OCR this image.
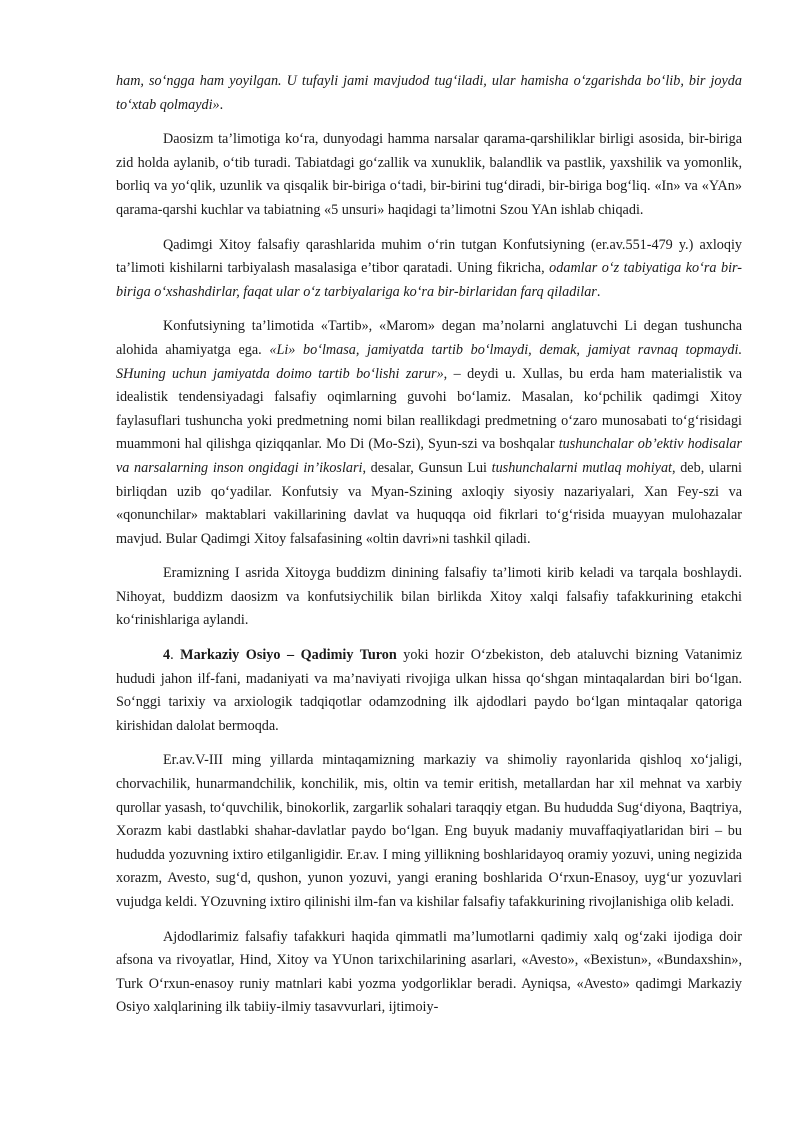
ham, so‘ngga ham yoyilgan. U tufayli jami mavjudod tug‘iladi, ular hamisha o‘zgarishda bo‘lib, bir joyda to‘xtab qolmaydi».

Daosizm ta’limotiga ko‘ra, dunyodagi hamma narsalar qarama-qarshiliklar birligi asosida, bir-biriga zid holda aylanib, o‘tib turadi. Tabiatdagi go‘zallik va xunuklik, balandlik va pastlik, yaxshilik va yomonlik, borliq va yo‘qlik, uzunlik va qisqalik bir-biriga o‘tadi, bir-birini tug‘diradi, bir-biriga bog‘liq. «In» va «YAn» qarama-qarshi kuchlar va tabiatning «5 unsuri» haqidagi ta’limotni Szou YAn ishlab chiqadi.

Qadimgi Xitoy falsafiy qarashlarida muhim o‘rin tutgan Konfutsiyning (er.av.551-479 y.) axloqiy ta’limoti kishilarni tarbiyalash masalasiga e’tibor qaratadi. Uning fikricha, odamlar o‘z tabiyatiga ko‘ra bir-biriga o‘xshashdirlar, faqat ular o‘z tarbiyalariga ko‘ra bir-birlaridan farq qiladilar.

Konfutsiyning ta’limotida «Tartib», «Marom» degan ma’nolarni anglatuvchi Li degan tushuncha alohida ahamiyatga ega. «Li» bo‘lmasa, jamiyatda tartib bo‘lmaydi, demak, jamiyat ravnaq topmaydi. SHuning uchun jamiyatda doimo tartib bo‘lishi zarur», – deydi u. Xullas, bu erda ham materialistik va idealistik tendensiyadagi falsafiy oqimlarning guvohi bo‘lamiz. Masalan, ko‘pchilik qadimgi Xitoy faylasuflari tushuncha yoki predmetning nomi bilan reallikdagi predmetning o‘zaro munosabati to‘g‘risidagi muammoni hal qilishga qiziqqanlar. Mo Di (Mo-Szi), Syun-szi va boshqalar tushunchalar ob’ektiv hodisalar va narsalarning inson ongidagi in’ikoslari, desalar, Gunsun Lui tushunchalarni mutlaq mohiyat, deb, ularni birliqdan uzib qo‘yadilar. Konfutsiy va Myan-Szining axloqiy siyosiy nazariyalari, Xan Fey-szi va «qonunchilar» maktablari vakillarining davlat va huquqqa oid fikrlari to‘g‘risida muayyan mulohazalar mavjud. Bular Qadimgi Xitoy falsafasining «oltin davri»ni tashkil qiladi.

Eramizning I asrida Xitoyga buddizm dinining falsafiy ta’limoti kirib keladi va tarqala boshlaydi. Nihoyat, buddizm daosizm va konfutsiychilik bilan birlikda Xitoy xalqi falsafiy tafakkurining etakchi ko‘rinishlariga aylandi.

4. Markaziy Osiyo – Qadimiy Turon yoki hozir O‘zbekiston, deb ataluvchi bizning Vatanimiz hududi jahon ilf-fani, madaniyati va ma’naviyati rivojiga ulkan hissa qo‘shgan mintaqalardan biri bo‘lgan. So‘nggi tarixiy va arxiologik tadqiqotlar odamzodning ilk ajdodlari paydo bo‘lgan mintaqalar qatoriga kirishidan dalolat bermoqda.

Er.av.V-III ming yillarda mintaqamizning markaziy va shimoliy rayonlarida qishloq xo‘jaligi, chorvachilik, hunarmandchilik, konchilik, mis, oltin va temir eritish, metallardan har xil mehnat va xarbiy qurollar yasash, to‘quvchilik, binokorlik, zargarlik sohalari taraqqiy etgan. Bu hududda Sug‘diyona, Baqtriya, Xorazm kabi dastlabki shahar-davlatlar paydo bo‘lgan. Eng buyuk madaniy muvaffaqiyatlaridan biri – bu hududda yozuvning ixtiro etilganligidir. Er.av. I ming yillikning boshlaridayoq oramiy yozuvi, uning negizida xorazm, Avesto, sug‘d, qushon, yunon yozuvi, yangi eraning boshlarida O‘rxun-Enasoy, uyg‘ur yozuvlari vujudga keldi. YOzuvning ixtiro qilinishi ilm-fan va kishilar falsafiy tafakkurining rivojlanishiga olib keladi.

Ajdodlarimiz falsafiy tafakkuri haqida qimmatli ma’lumotlarni qadimiy xalq og‘zaki ijodiga doir afsona va rivoyatlar, Hind, Xitoy va YUnon tarixchilarining asarlari, «Avesto», «Bexistun», «Bundaxshin», Turk O‘rxun-enasoy runiy matnlari kabi yozma yodgorliklar beradi. Ayniqsa, «Avesto» qadimgi Markaziy Osiyo xalqlarining ilk tabiiy-ilmiy tasavvurlari, ijtimoiy-
